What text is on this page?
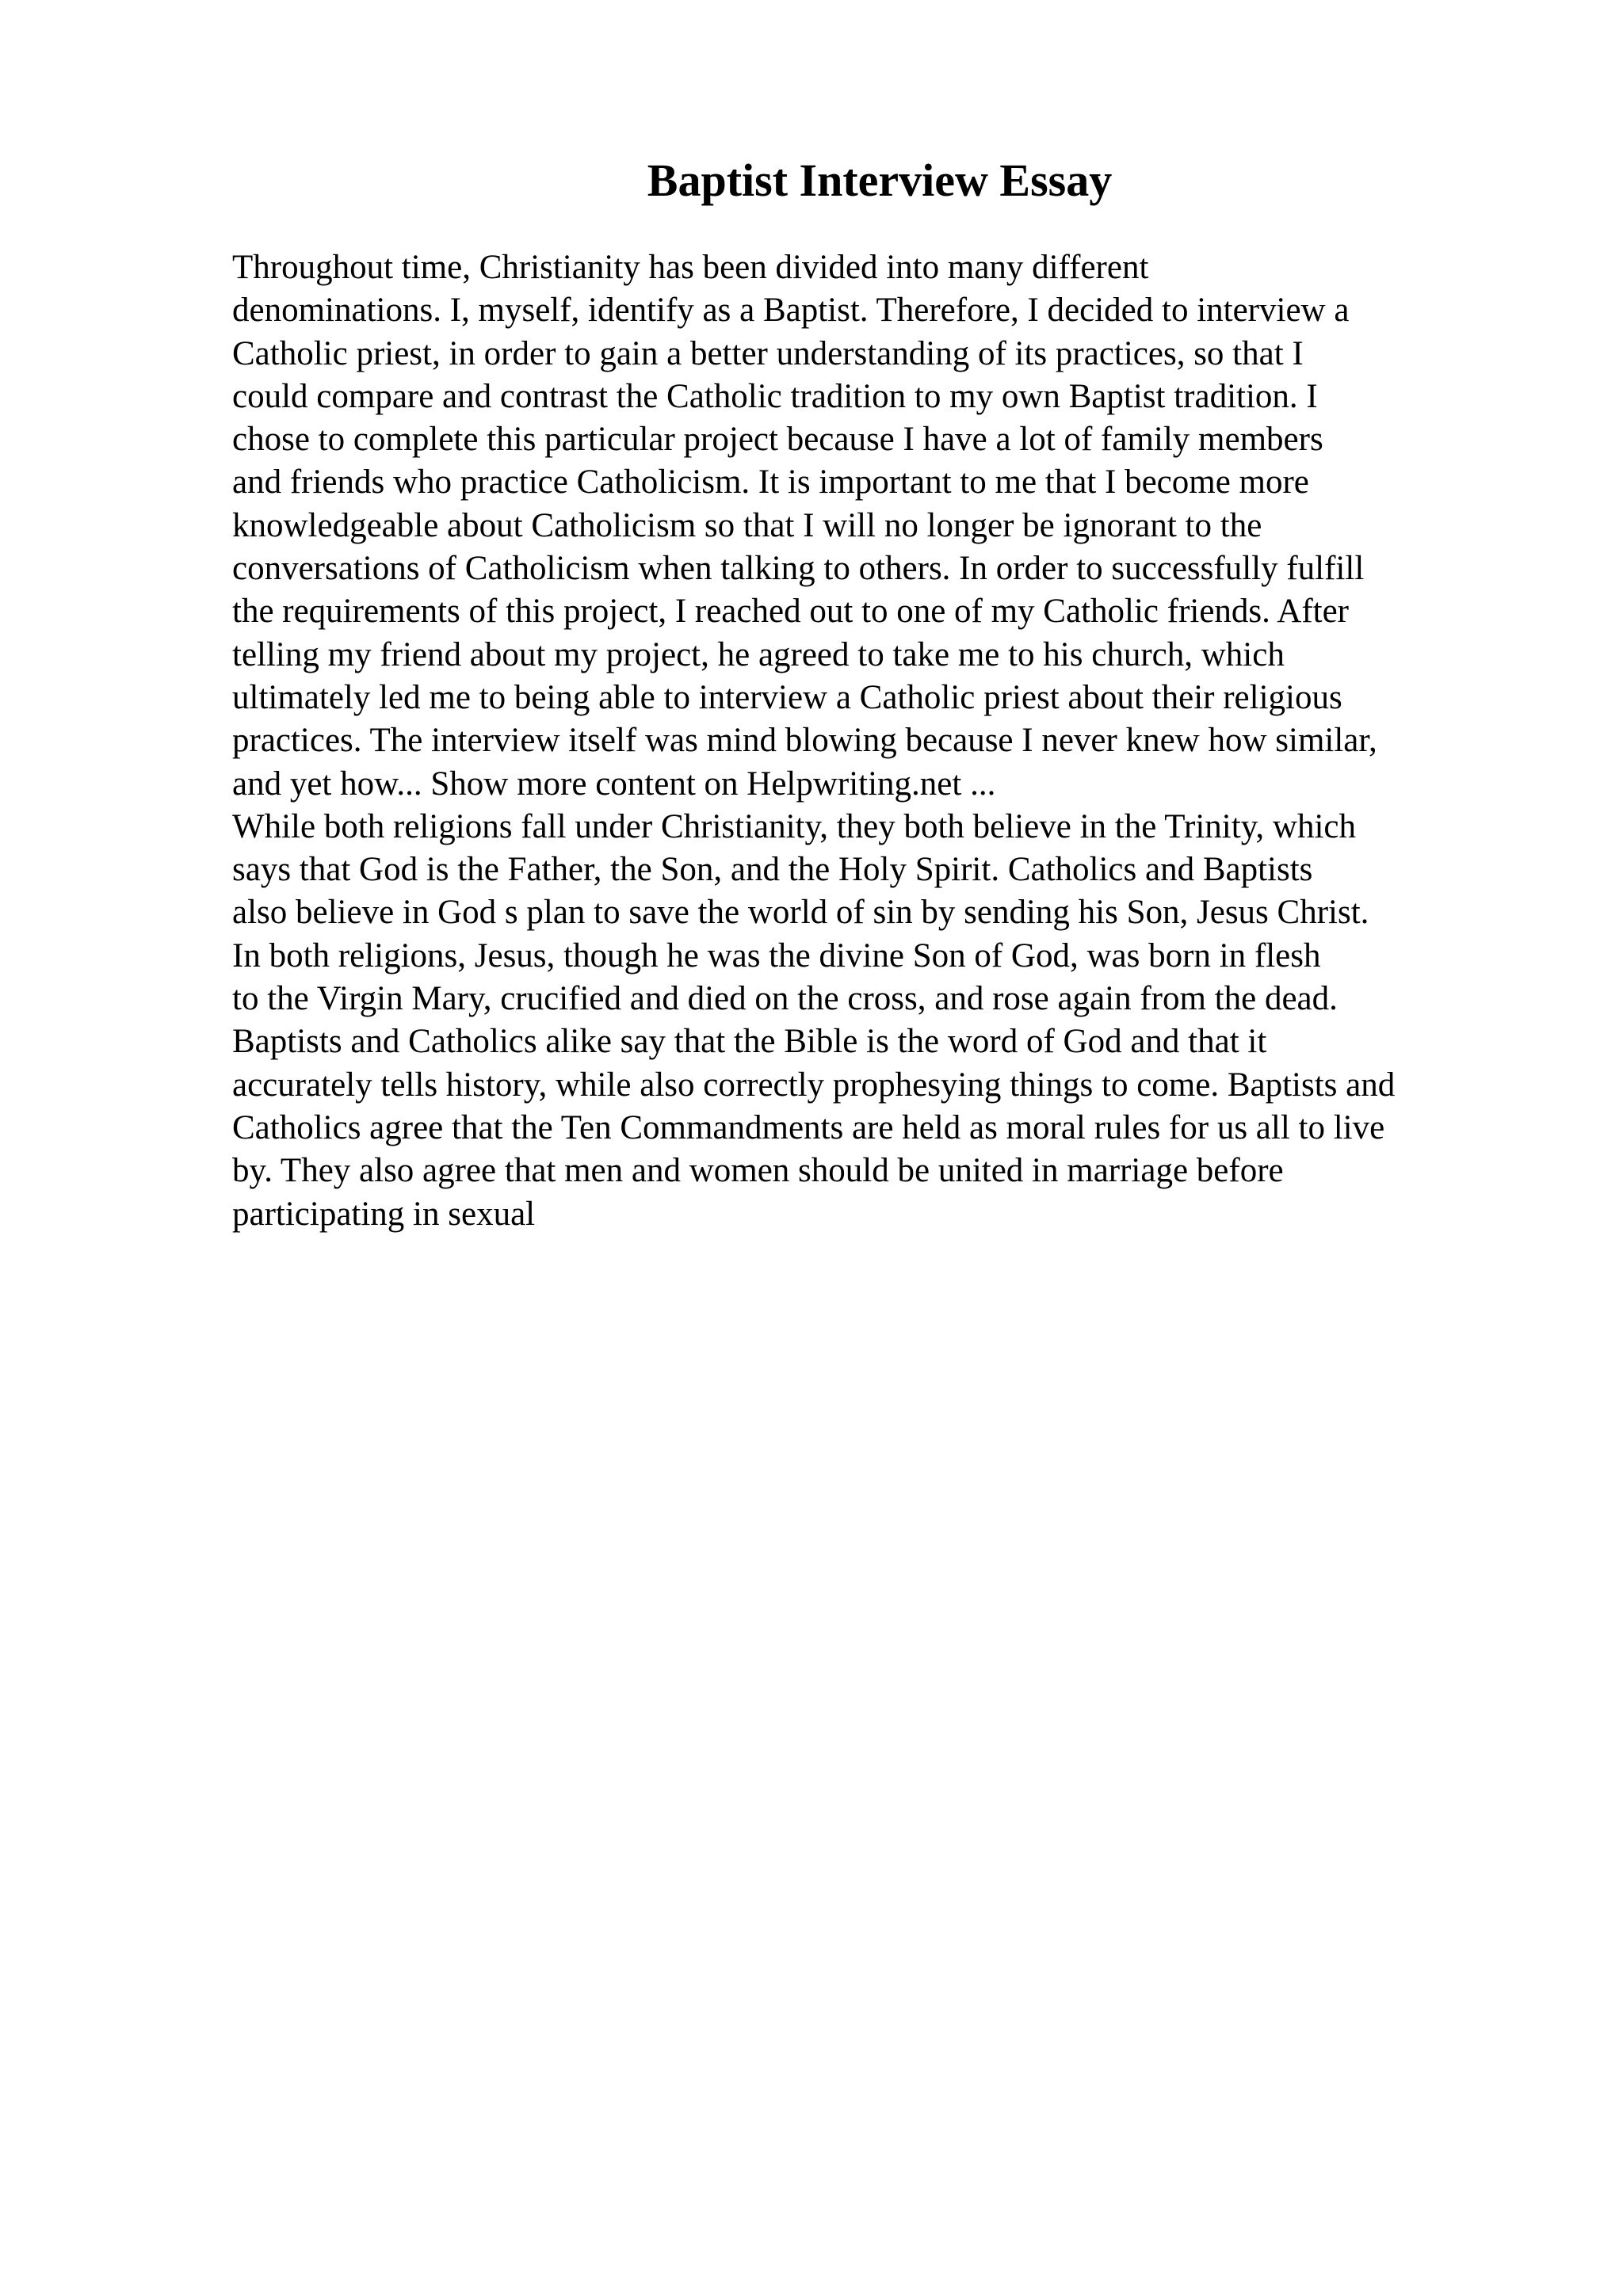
Baptist Interview Essay
Throughout time, Christianity has been divided into many different
denominations. I, myself, identify as a Baptist. Therefore, I decided to interview a
Catholic priest, in order to gain a better understanding of its practices, so that I
could compare and contrast the Catholic tradition to my own Baptist tradition. I
chose to complete this particular project because I have a lot of family members
and friends who practice Catholicism. It is important to me that I become more
knowledgeable about Catholicism so that I will no longer be ignorant to the
conversations of Catholicism when talking to others. In order to successfully fulfill
the requirements of this project, I reached out to one of my Catholic friends. After
telling my friend about my project, he agreed to take me to his church, which
ultimately led me to being able to interview a Catholic priest about their religious
practices. The interview itself was mind blowing because I never knew how similar,
and yet how... Show more content on Helpwriting.net ...
While both religions fall under Christianity, they both believe in the Trinity, which
says that God is the Father, the Son, and the Holy Spirit. Catholics and Baptists
also believe in God s plan to save the world of sin by sending his Son, Jesus Christ.
In both religions, Jesus, though he was the divine Son of God, was born in flesh
to the Virgin Mary, crucified and died on the cross, and rose again from the dead.
Baptists and Catholics alike say that the Bible is the word of God and that it
accurately tells history, while also correctly prophesying things to come. Baptists and
Catholics agree that the Ten Commandments are held as moral rules for us all to live
by. They also agree that men and women should be united in marriage before
participating in sexual
